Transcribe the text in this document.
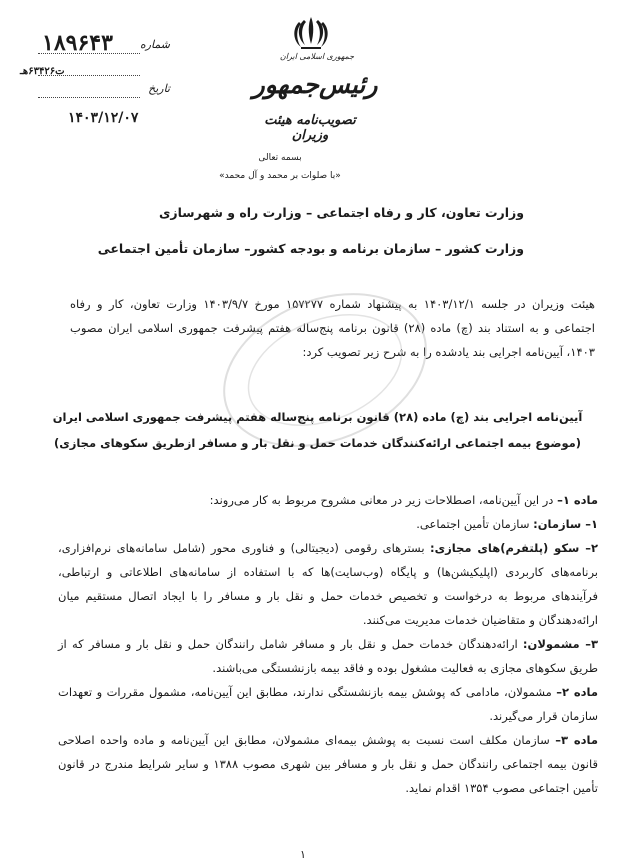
شماره
۱۸۹۶۴۳
ت۶۳۴۲۶هـ
تاریخ
۱۴۰۳/۱۲/۰۷
جمهوری اسلامی ایران
رئیس‌جمهور
تصویب‌نامه هیئت وزیران
بسمه تعالی
«با صلوات بر محمد و آل محمد»
وزارت تعاون، کار و رفاه اجتماعی – وزارت راه و شهرسازی
وزارت کشور – سازمان برنامه و بودجه کشور– سازمان تأمین اجتماعی
هیئت وزیران در جلسه ۱۴۰۳/۱۲/۱ به پیشنهاد شماره ۱۵۷۲۷۷ مورخ ۱۴۰۳/۹/۷ وزارت تعاون، کار و رفاه اجتماعی و به استناد بند (چ) ماده (۲۸) قانون برنامه پنج‌ساله هفتم پیشرفت جمهوری اسلامی ایران مصوب ۱۴۰۳، آیین‌نامه اجرایی بند یادشده را به شرح زیر تصویب کرد:
آیین‌نامه اجرایی بند (چ) ماده (۲۸) قانون برنامه پنج‌ساله هفتم پیشرفت جمهوری اسلامی ایران
(موضوع بیمه اجتماعی ارائه‌کنندگان خدمات حمل و نقل بار و مسافر ازطریق سکوهای مجازی)

ماده ۱– در این آیین‌نامه، اصطلاحات زیر در معانی مشروح مربوط به کار می‌روند:

۱– سازمان: سازمان تأمین اجتماعی.

۲– سکو (پلتفرم)های مجازی: بسترهای رقومی (دیجیتالی) و فناوری محور (شامل سامانه‌های نرم‌افزاری، برنامه‌های کاربردی (اپلیکیشن‌ها) و پایگاه (وب‌سایت)ها که با استفاده از سامانه‌های اطلاعاتی و ارتباطی، فرآیندهای مربوط به درخواست و تخصیص خدمات حمل و نقل بار و مسافر را با ایجاد اتصال مستقیم میان ارائه‌دهندگان و متقاضیان خدمات مدیریت می‌کنند.

۳– مشمولان: ارائه‌دهندگان خدمات حمل و نقل بار و مسافر شامل رانندگان حمل و نقل بار و مسافر که از طریق سکوهای مجازی به فعالیت مشغول بوده و فاقد بیمه بازنشستگی می‌باشند.

ماده ۲– مشمولان، مادامی که پوشش بیمه بازنشستگی ندارند، مطابق این آیین‌نامه، مشمول مقررات و تعهدات سازمان قرار می‌گیرند.

ماده ۳– سازمان مکلف است نسبت به پوشش بیمه‌ای مشمولان، مطابق این آیین‌نامه و ماده واحده اصلاحی قانون بیمه اجتماعی رانندگان حمل و نقل بار و مسافر بین شهری مصوب ۱۳۸۸ و سایر شرایط مندرج در قانون تأمین اجتماعی مصوب ۱۳۵۴ اقدام نماید.

۱
